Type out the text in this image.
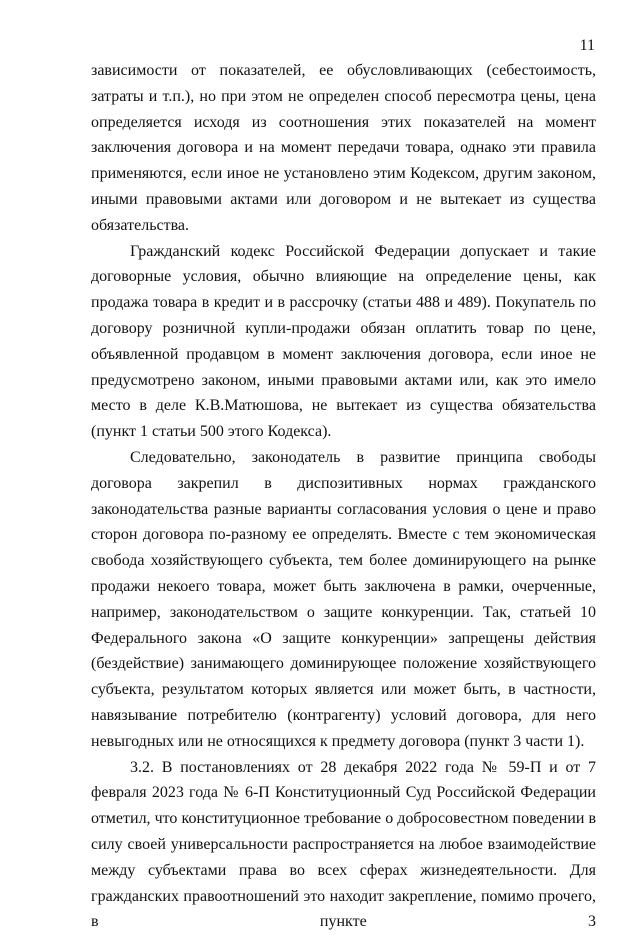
11

зависимости от показателей, ее обусловливающих (себестоимость, затраты и т.п.), но при этом не определен способ пересмотра цены, цена определяется исходя из соотношения этих показателей на момент заключения договора и на момент передачи товара, однако эти правила применяются, если иное не установлено этим Кодексом, другим законом, иными правовыми актами или договором и не вытекает из существа обязательства.

Гражданский кодекс Российской Федерации допускает и такие договорные условия, обычно влияющие на определение цены, как продажа товара в кредит и в рассрочку (статьи 488 и 489). Покупатель по договору розничной купли-продажи обязан оплатить товар по цене, объявленной продавцом в момент заключения договора, если иное не предусмотрено законом, иными правовыми актами или, как это имело место в деле К.В.Матюшова, не вытекает из существа обязательства (пункт 1 статьи 500 этого Кодекса).

Следовательно, законодатель в развитие принципа свободы договора закрепил в диспозитивных нормах гражданского законодательства разные варианты согласования условия о цене и право сторон договора по-разному ее определять. Вместе с тем экономическая свобода хозяйствующего субъекта, тем более доминирующего на рынке продажи некоего товара, может быть заключена в рамки, очерченные, например, законодательством о защите конкуренции. Так, статьей 10 Федерального закона «О защите конкуренции» запрещены действия (бездействие) занимающего доминирующее положение хозяйствующего субъекта, результатом которых является или может быть, в частности, навязывание потребителю (контрагенту) условий договора, для него невыгодных или не относящихся к предмету договора (пункт 3 части 1).

3.2. В постановлениях от 28 декабря 2022 года № 59-П и от 7 февраля 2023 года № 6-П Конституционный Суд Российской Федерации отметил, что конституционное требование о добросовестном поведении в силу своей универсальности распространяется на любое взаимодействие между субъектами права во всех сферах жизнедеятельности. Для гражданских правоотношений это находит закрепление, помимо прочего, в пункте 3
